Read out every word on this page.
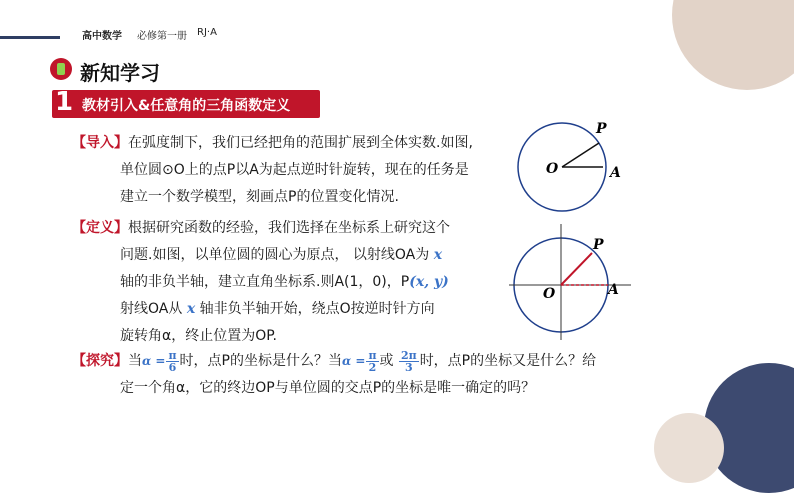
高中数学 必修第一册 RJ·A
新知学习
1 教材引入&任意角的三角函数定义
【导入】在弧度制下，我们已经把角的范围扩展到全体实数.如图,
单位圆⊙O上的点P以A为起点逆时针旋转，现在的任务是
建立一个数学模型，刻画点P的位置变化情况.
【定义】根据研究函数的经验，我们选择在坐标系上研究这个
问题.如图，以单位圆的圆心为原点， 以射线OA为 x
轴的非负半轴，建立直角坐标系.则A(1，0)，P(x, y)
射线OA从 x 轴非负半轴开始，绕点O按逆时针方向
旋转角α，终止位置为OP.
【探究】当$\alpha = \frac{\pi}{6}$ 时，点P的坐标是什么？当$\alpha = \frac{\pi}{2}$ 或 $\frac{2\pi}{3}$ 时，点P的坐标又是什么？给
定一个角α，它的终边OP与单位圆的交点P的坐标是唯一确定的吗？
O
P
A
O
P
A
